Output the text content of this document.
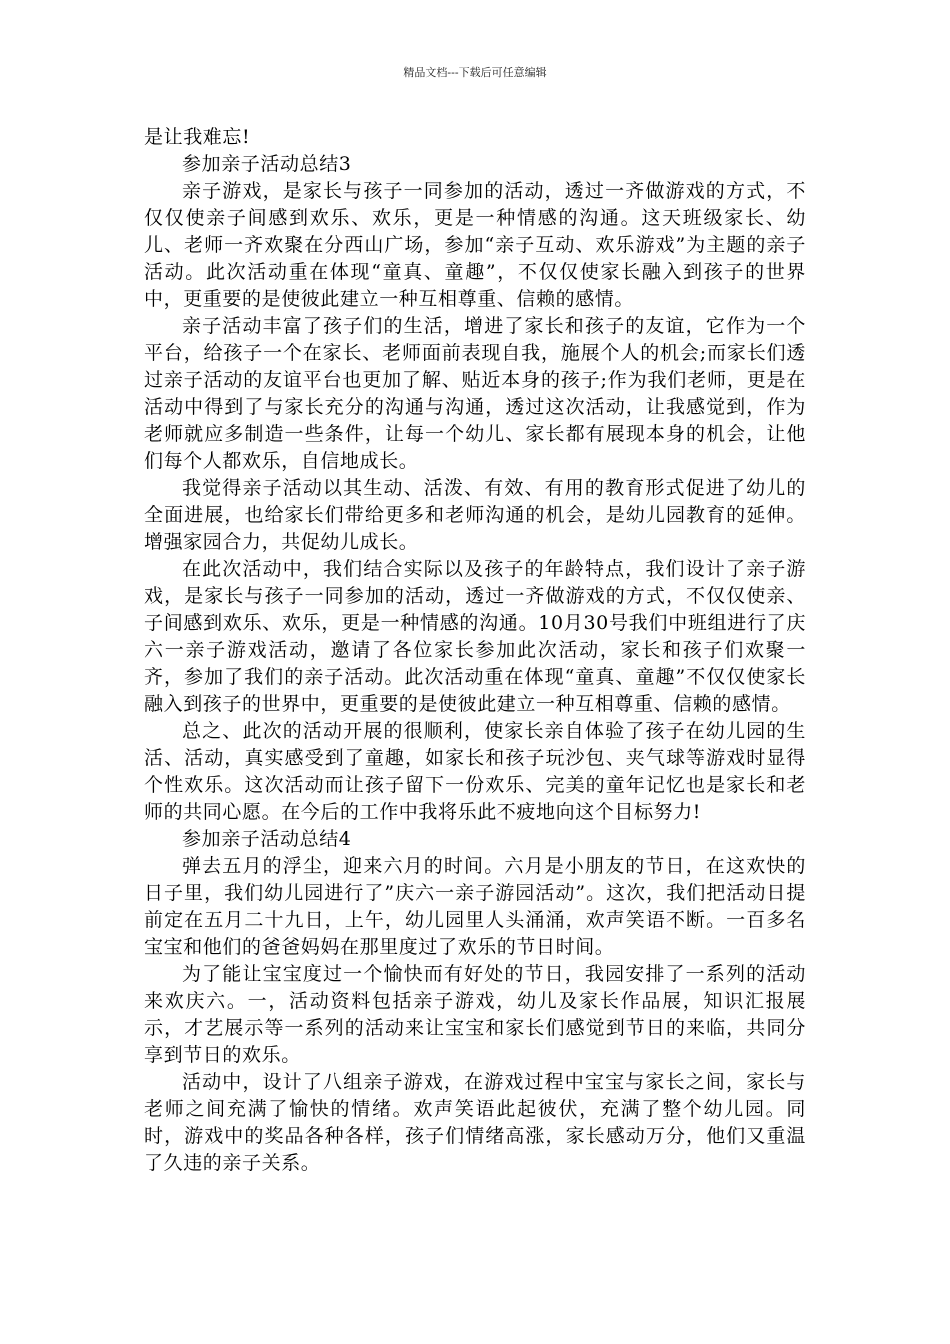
精品文档---下载后可任意编辑

是让我难忘!

参加亲子活动总结3

亲子游戏，是家长与孩子一同参加的活动，透过一齐做游戏的方式，不仅仅使亲子间感到欢乐、欢乐，更是一种情感的沟通。这天班级家长、幼儿、老师一齐欢聚在分西山广场，参加“亲子互动、欢乐游戏”为主题的亲子活动。此次活动重在体现“童真、童趣”，不仅仅使家长融入到孩子的世界中，更重要的是使彼此建立一种互相尊重、信赖的感情。

亲子活动丰富了孩子们的生活，增进了家长和孩子的友谊，它作为一个平台，给孩子一个在家长、老师面前表现自我，施展个人的机会;而家长们透过亲子活动的友谊平台也更加了解、贴近本身的孩子;作为我们老师，更是在活动中得到了与家长充分的沟通与沟通，透过这次活动，让我感觉到，作为老师就应多制造一些条件，让每一个幼儿、家长都有展现本身的机会，让他们每个人都欢乐，自信地成长。

我觉得亲子活动以其生动、活泼、有效、有用的教育形式促进了幼儿的全面进展，也给家长们带给更多和老师沟通的机会，是幼儿园教育的延伸。增强家园合力，共促幼儿成长。

在此次活动中，我们结合实际以及孩子的年龄特点，我们设计了亲子游戏，是家长与孩子一同参加的活动，透过一齐做游戏的方式，不仅仅使亲、子间感到欢乐、欢乐，更是一种情感的沟通。10月30号我们中班组进行了庆六一亲子游戏活动，邀请了各位家长参加此次活动，家长和孩子们欢聚一齐，参加了我们的亲子活动。此次活动重在体现“童真、童趣”不仅仅使家长融入到孩子的世界中，更重要的是使彼此建立一种互相尊重、信赖的感情。

总之、此次的活动开展的很顺利，使家长亲自体验了孩子在幼儿园的生活、活动，真实感受到了童趣，如家长和孩子玩沙包、夹气球等游戏时显得个性欢乐。这次活动而让孩子留下一份欢乐、完美的童年记忆也是家长和老师的共同心愿。在今后的工作中我将乐此不疲地向这个目标努力!

参加亲子活动总结4

弹去五月的浮尘，迎来六月的时间。六月是小朋友的节日，在这欢快的日子里，我们幼儿园进行了”庆六一亲子游园活动”。这次，我们把活动日提前定在五月二十九日，上午，幼儿园里人头涌涌，欢声笑语不断。一百多名宝宝和他们的爸爸妈妈在那里度过了欢乐的节日时间。

为了能让宝宝度过一个愉快而有好处的节日，我园安排了一系列的活动来欢庆六。一，活动资料包括亲子游戏，幼儿及家长作品展，知识汇报展示，才艺展示等一系列的活动来让宝宝和家长们感觉到节日的来临，共同分享到节日的欢乐。

活动中，设计了八组亲子游戏，在游戏过程中宝宝与家长之间，家长与老师之间充满了愉快的情绪。欢声笑语此起彼伏，充满了整个幼儿园。同时，游戏中的奖品各种各样，孩子们情绪高涨，家长感动万分，他们又重温了久违的亲子关系。
